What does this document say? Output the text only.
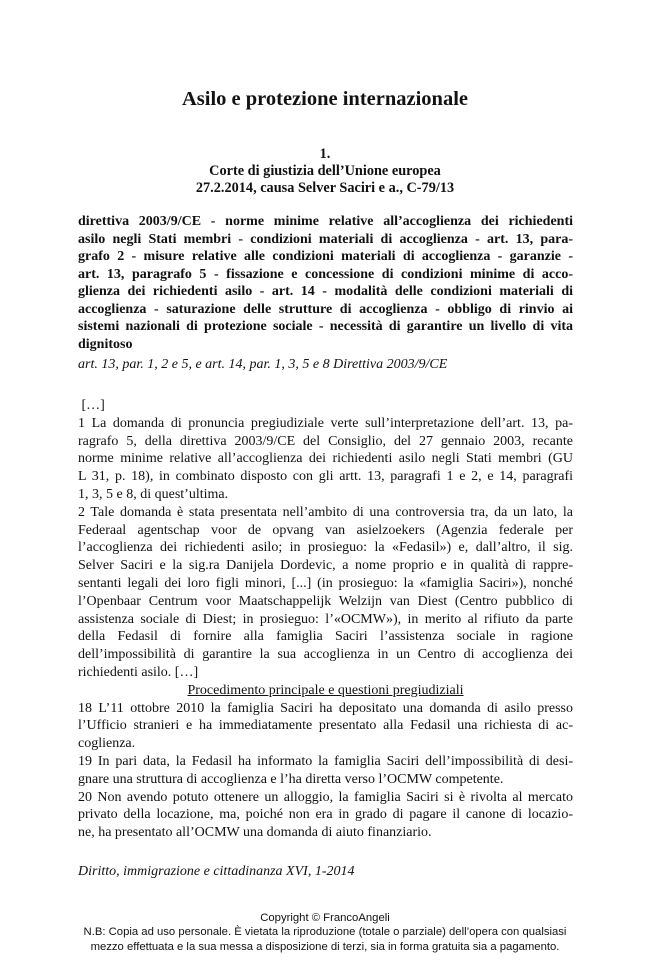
Asilo e protezione internazionale
1.
Corte di giustizia dell’Unione europea
27.2.2014, causa Selver Saciri e a., C-79/13
direttiva 2003/9/CE - norme minime relative all’accoglienza dei richiedenti
asilo negli Stati membri - condizioni materiali di accoglienza - art. 13, para-
grafo 2 - misure relative alle condizioni materiali di accoglienza - garanzie -
art. 13, paragrafo 5 - fissazione e concessione di condizioni minime di acco-
glienza dei richiedenti asilo - art. 14 - modalità delle condizioni materiali di
accoglienza - saturazione delle strutture di accoglienza - obbligo di rinvio ai
sistemi nazionali di protezione sociale - necessità di garantire un livello di vita
dignitoso
art. 13, par. 1, 2 e 5, e art. 14, par. 1, 3, 5 e 8 Direttiva 2003/9/CE
[…]
1 La domanda di pronuncia pregiudiziale verte sull’interpretazione dell’art. 13, pa-
ragrafo 5, della direttiva 2003/9/CE del Consiglio, del 27 gennaio 2003, recante
norme minime relative all’accoglienza dei richiedenti asilo negli Stati membri (GU
L 31, p. 18), in combinato disposto con gli artt. 13, paragrafi 1 e 2, e 14, paragrafi
1, 3, 5 e 8, di quest’ultima.
2 Tale domanda è stata presentata nell’ambito di una controversia tra, da un lato, la
Federaal agentschap voor de opvang van asielzoekers (Agenzia federale per
l’accoglienza dei richiedenti asilo; in prosieguo: la «Fedasil») e, dall’altro, il sig.
Selver Saciri e la sig.ra Danijela Dordevic, a nome proprio e in qualità di rappre-
sentanti legali dei loro figli minori, [...] (in prosieguo: la «famiglia Saciri»), nonché
l’Openbaar Centrum voor Maatschappelijk Welzijn van Diest (Centro pubblico di
assistenza sociale di Diest; in prosieguo: l’«OCMW»), in merito al rifiuto da parte
della Fedasil di fornire alla famiglia Saciri l’assistenza sociale in ragione
dell’impossibilità di garantire la sua accoglienza in un Centro di accoglienza dei
richiedenti asilo. […]
Procedimento principale e questioni pregiudiziali
18 L’11 ottobre 2010 la famiglia Saciri ha depositato una domanda di asilo presso
l’Ufficio stranieri e ha immediatamente presentato alla Fedasil una richiesta di ac-
coglienza.
19 In pari data, la Fedasil ha informato la famiglia Saciri dell’impossibilità di desi-
gnare una struttura di accoglienza e l’ha diretta verso l’OCMW competente.
20 Non avendo potuto ottenere un alloggio, la famiglia Saciri si è rivolta al mercato
privato della locazione, ma, poiché non era in grado di pagare il canone di locazio-
ne, ha presentato all’OCMW una domanda di aiuto finanziario.
Diritto, immigrazione e cittadinanza XVI, 1-2014
Copyright © FrancoAngeli
N.B: Copia ad uso personale. È vietata la riproduzione (totale o parziale) dell’opera con qualsiasi
mezzo effettuata e la sua messa a disposizione di terzi, sia in forma gratuita sia a pagamento.
